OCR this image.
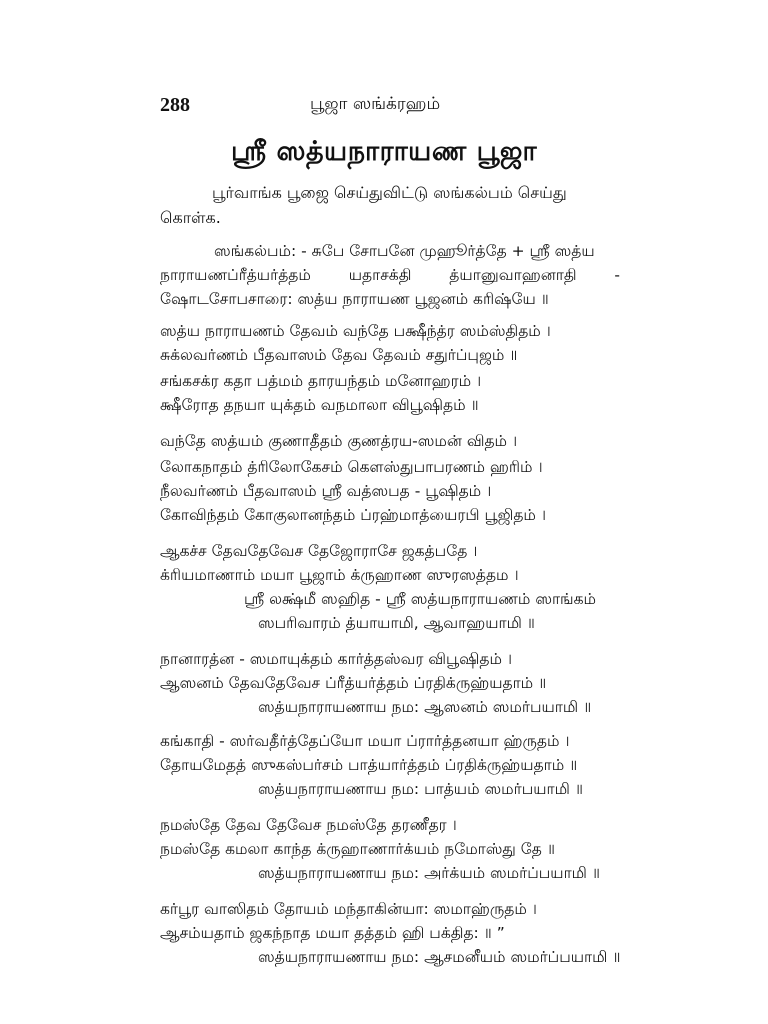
288	பூஜா ஸங்க்ரஹம்
ஸ்ரீ ஸத்யநாராயண பூஜா
பூர்வாங்க பூஜை செய்துவிட்டு ஸங்கல்பம் செய்து
கொள்க.
ஸங்கல்பம்: - சுபே சோபனே முஹூர்த்தே + ஸ்ரீ ஸத்ய
நாராயணப்ரீத்யர்த்தம் யதாசக்தி த்யானுவாஹனாதி -
ஷோடசோபசாரை: ஸத்ய நாராயண பூஜனம் கரிஷ்யே ॥
ஸத்ய நாராயணம் தேவம் வந்தே பக்ஷீந்த்ர ஸம்ஸ்திதம் ।
சுக்லவர்ணம் பீதவாஸம் தேவ தேவம் சதுர்ப்புஜம் ॥
சங்கசக்ர கதா பத்மம் தாரயந்தம் மனோஹரம் ।
க்ஷீரோத தநயா யுக்தம் வநமாலா விபூஷிதம் ॥
வந்தே ஸத்யம் குணாதீதம் குணத்ரய-ஸமன் விதம் ।
லோகநாதம் த்ரிலோகேசம் கௌஸ்துபாபரணம் ஹரிம் ।
நீலவர்ணம் பீதவாஸம் ஸ்ரீ வத்ஸபத - பூஷிதம் ।
கோவிந்தம் கோகுலானந்தம் ப்ரஹ்மாத்யைரபி பூஜிதம் ।
ஆகச்ச தேவதேவேச தேஜோராசே ஜகத்பதே ।
க்ரியமாணாம் மயா பூஜாம் க்ருஹாண ஸுரஸத்தம ।
ஸ்ரீ லக்ஷ்மீ ஸஹித - ஸ்ரீ ஸத்யநாராயணம் ஸாங்கம்
ஸபரிவாரம் த்யாயாமி, ஆவாஹயாமி ॥
நானாரத்ன - ஸமாயுக்தம் கார்த்தஸ்வர விபூஷிதம் ।
ஆஸனம் தேவதேவேச ப்ரீத்யர்த்தம் ப்ரதிக்ருஹ்யதாம் ॥
ஸத்யநாராயணாய நம: ஆஸனம் ஸமர்பயாமி ॥
கங்காதி - ஸர்வதீர்த்தேப்யோ மயா ப்ரார்த்தனயா ஹ்ருதம் ।
தோயமேதத் ஸுகஸ்பர்சம் பாத்யார்த்தம் ப்ரதிக்ருஹ்யதாம் ॥
ஸத்யநாராயணாய நம: பாத்யம் ஸமர்பயாமி ॥
நமஸ்தே தேவ தேவேச நமஸ்தே தரணீதர ।
நமஸ்தே கமலா காந்த க்ருஹாணார்க்யம் நமோஸ்து தே ॥
ஸத்யநாராயணாய நம: அர்க்யம் ஸமர்ப்பயாமி ॥
கர்பூர வாஸிதம் தோயம் மந்தாகின்யா: ஸமாஹ்ருதம் ।
ஆசம்யதாம் ஜகந்நாத மயா தத்தம் ஹி பக்தித: ॥ ”
ஸத்யநாராயணாய நம: ஆசமனீயம் ஸமர்ப்பயாமி ॥
